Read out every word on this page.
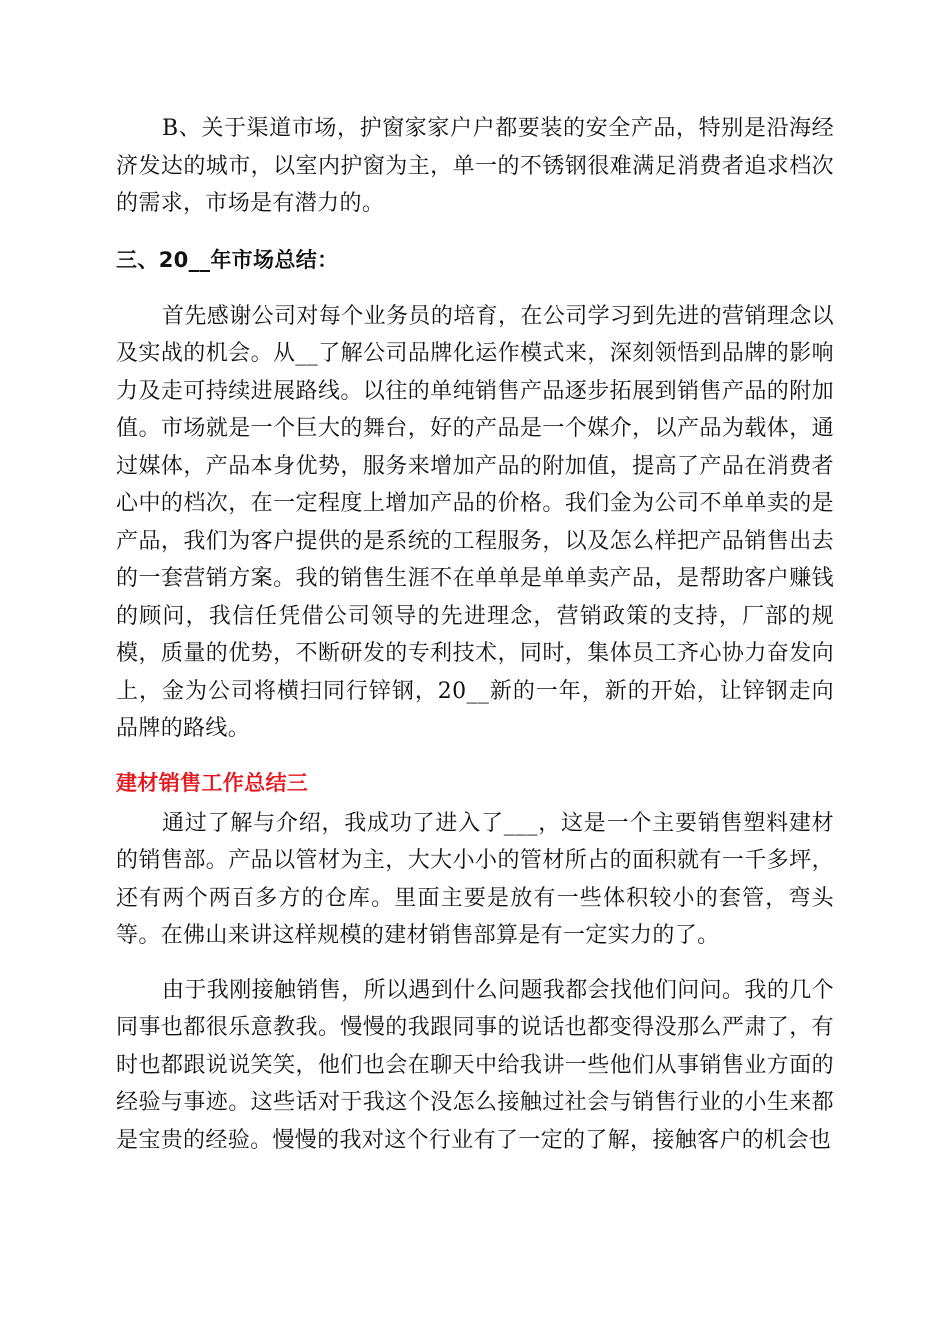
B、关于渠道市场，护窗家家户户都要装的安全产品，特别是沿海经济发达的城市，以室内护窗为主，单一的不锈钢很难满足消费者追求档次的需求，市场是有潜力的。

三、20__年市场总结：

首先感谢公司对每个业务员的培育，在公司学习到先进的营销理念以及实战的机会。从__了解公司品牌化运作模式来，深刻领悟到品牌的影响力及走可持续进展路线。以往的单纯销售产品逐步拓展到销售产品的附加值。市场就是一个巨大的舞台，好的产品是一个媒介，以产品为载体，通过媒体，产品本身优势，服务来增加产品的附加值，提高了产品在消费者心中的档次，在一定程度上增加产品的价格。我们金为公司不单单卖的是产品，我们为客户提供的是系统的工程服务，以及怎么样把产品销售出去的一套营销方案。我的销售生涯不在单单是单单卖产品，是帮助客户赚钱的顾问，我信任凭借公司领导的先进理念，营销政策的支持，厂部的规模，质量的优势，不断研发的专利技术，同时，集体员工齐心协力奋发向上，金为公司将横扫同行锌钢，20__新的一年，新的开始，让锌钢走向品牌的路线。

建材销售工作总结三

通过了解与介绍，我成功了进入了___，这是一个主要销售塑料建材的销售部。产品以管材为主，大大小小的管材所占的面积就有一千多坪，还有两个两百多方的仓库。里面主要是放有一些体积较小的套管，弯头等。在佛山来讲这样规模的建材销售部算是有一定实力的了。

由于我刚接触销售，所以遇到什么问题我都会找他们问问。我的几个同事也都很乐意教我。慢慢的我跟同事的说话也都变得没那么严肃了，有时也都跟说说笑笑，他们也会在聊天中给我讲一些他们从事销售业方面的经验与事迹。这些话对于我这个没怎么接触过社会与销售行业的小生来都是宝贵的经验。慢慢的我对这个行业有了一定的了解，接触客户的机会也
